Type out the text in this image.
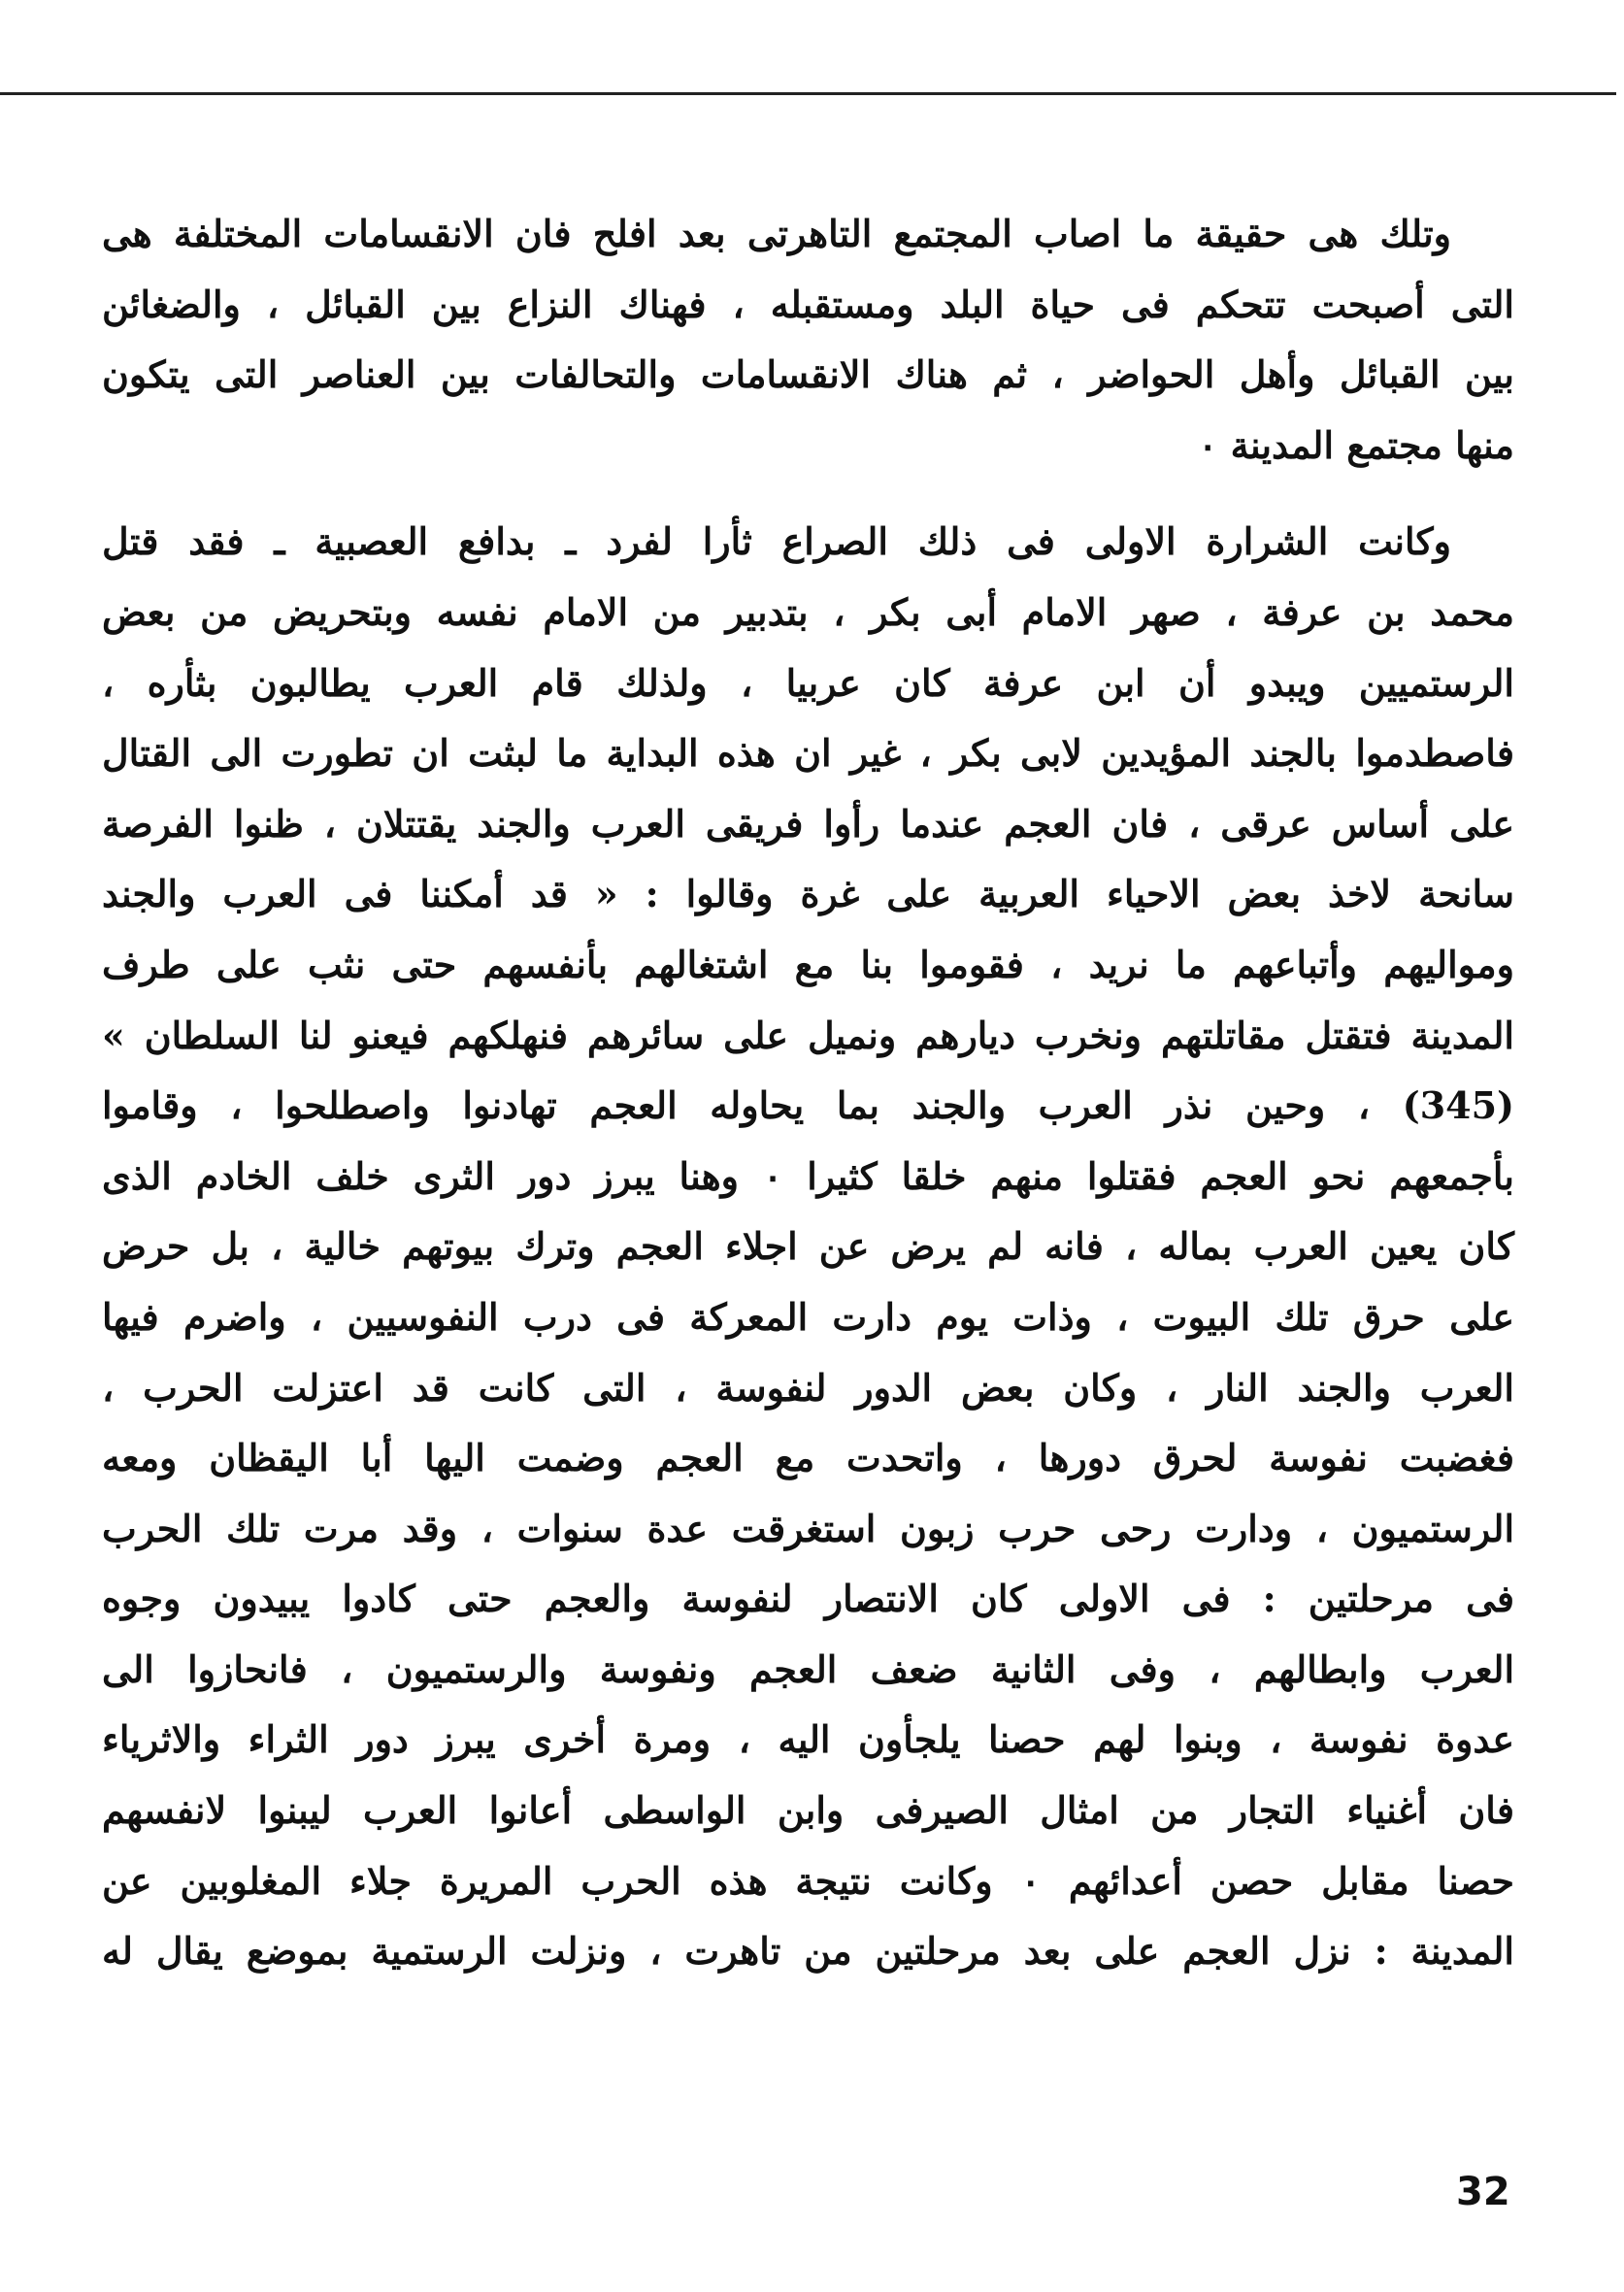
وتلك هى حقيقة ما اصاب المجتمع التاهرتى بعد افلح فان الانقسامات المختلفة هى
التى أصبحت تتحكم فى حياة البلد ومستقبله ، فهناك النزاع بين القبائل ، والضغائن
بين القبائل وأهل الحواضر ، ثم هناك الانقسامات والتحالفات بين العناصر التى يتكون
منها مجتمع المدينة ٠
وكانت الشرارة الاولى فى ذلك الصراع ثأرا لفرد ـ بدافع العصبية ـ فقد قتل
محمد بن عرفة ، صهر الامام أبى بكر ، بتدبير من الامام نفسه وبتحريض من بعض
الرستميين ويبدو أن ابن عرفة كان عربيا ، ولذلك قام العرب يطالبون بثأره ،
فاصطدموا بالجند المؤيدين لابى بكر ، غير ان هذه البداية ما لبثت ان تطورت الى القتال
على أساس عرقى ، فان العجم عندما رأوا فريقى العرب والجند يقتتلان ، ظنوا الفرصة
سانحة لاخذ بعض الاحياء العربية على غرة وقالوا : « قد أمكننا فى العرب والجند
ومواليهم وأتباعهم ما نريد ، فقوموا بنا مع اشتغالهم بأنفسهم حتى نثب على طرف
المدينة فتقتل مقاتلتهم ونخرب ديارهم ونميل على سائرهم فنهلكهم فيعنو لنا السلطان »
(345) ، وحين نذر العرب والجند بما يحاوله العجم تهادنوا واصطلحوا ، وقاموا
بأجمعهم نحو العجم فقتلوا منهم خلقا كثيرا ٠ وهنا يبرز دور الثرى خلف الخادم الذى
كان يعين العرب بماله ، فانه لم يرض عن اجلاء العجم وترك بيوتهم خالية ، بل حرض
على حرق تلك البيوت ، وذات يوم دارت المعركة فى درب النفوسيين ، واضرم فيها
العرب والجند النار ، وكان بعض الدور لنفوسة ، التى كانت قد اعتزلت الحرب ،
فغضبت نفوسة لحرق دورها ، واتحدت مع العجم وضمت اليها أبا اليقظان ومعه
الرستميون ، ودارت رحى حرب زبون استغرقت عدة سنوات ، وقد مرت تلك الحرب
فى مرحلتين : فى الاولى كان الانتصار لنفوسة والعجم حتى كادوا يبيدون وجوه
العرب وابطالهم ، وفى الثانية ضعف العجم ونفوسة والرستميون ، فانحازوا الى
عدوة نفوسة ، وبنوا لهم حصنا يلجأون اليه ، ومرة أخرى يبرز دور الثراء والاثرياء
فان أغنياء التجار من امثال الصيرفى وابن الواسطى أعانوا العرب ليبنوا لانفسهم
حصنا مقابل حصن أعدائهم ٠ وكانت نتيجة هذه الحرب المريرة جلاء المغلوبين عن
المدينة : نزل العجم على بعد مرحلتين من تاهرت ، ونزلت الرستمية بموضع يقال له
32
